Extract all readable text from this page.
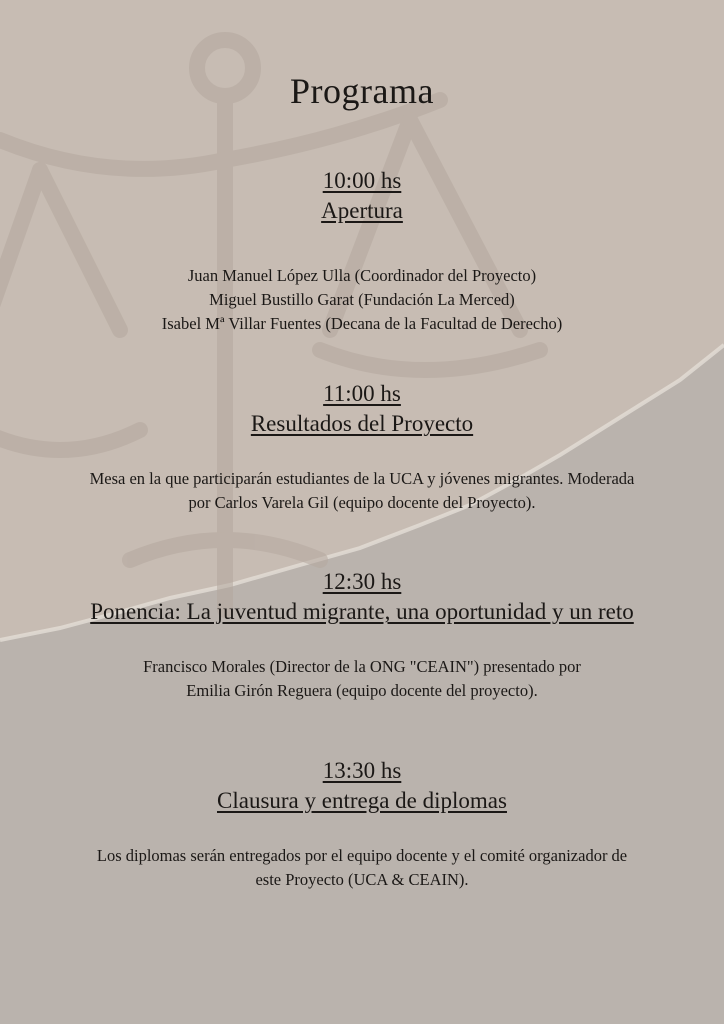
Programa
10:00 hs
Apertura
Juan Manuel López Ulla (Coordinador del Proyecto)
Miguel Bustillo Garat (Fundación La Merced)
Isabel Mª Villar Fuentes (Decana de la Facultad de Derecho)
11:00 hs
Resultados del Proyecto
Mesa en la que participarán estudiantes de la UCA y jóvenes migrantes. Moderada
por Carlos Varela Gil (equipo docente del Proyecto).
12:30 hs
Ponencia: La juventud migrante, una oportunidad y un reto
Francisco Morales (Director de la ONG "CEAIN") presentado por
Emilia Girón Reguera (equipo docente del proyecto).
13:30 hs
Clausura y entrega de diplomas
Los diplomas serán entregados por el equipo docente y el comité organizador de
este Proyecto (UCA & CEAIN).
